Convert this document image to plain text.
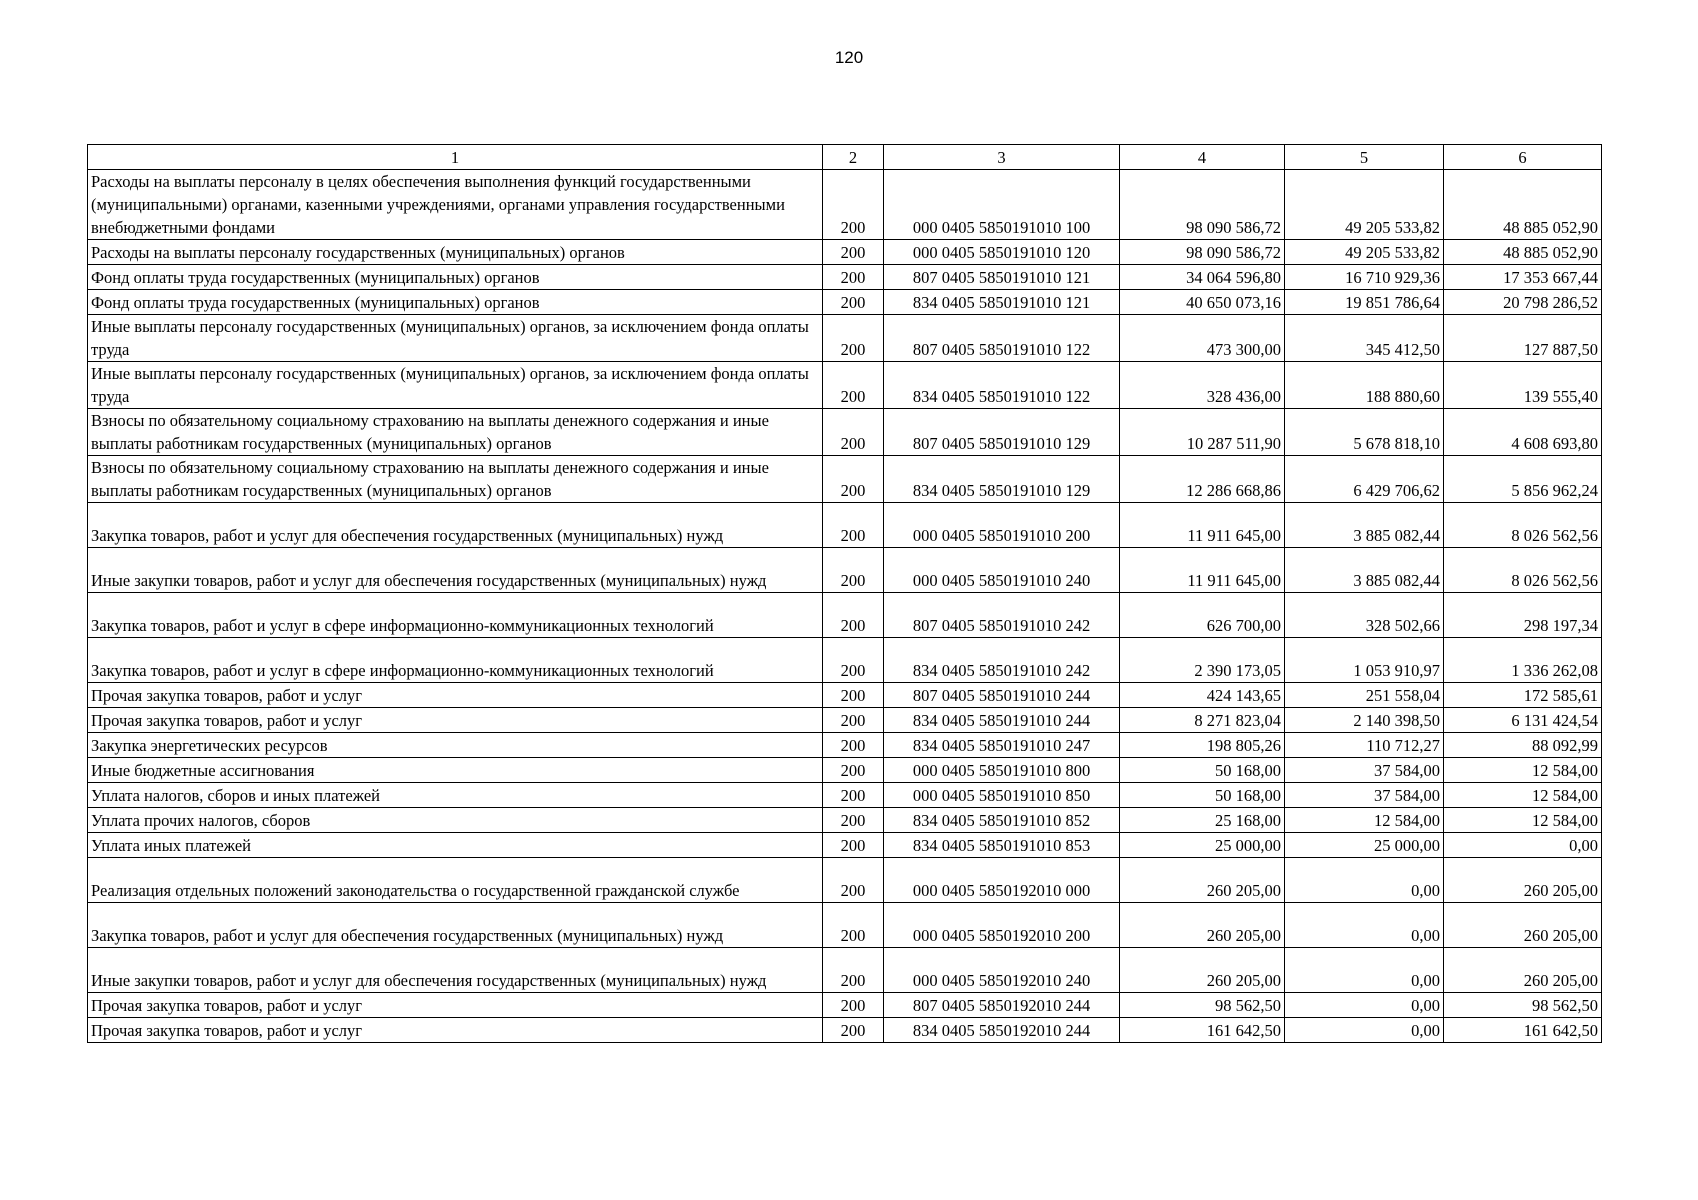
120
1	2	3	4	5	6
Расходы на выплаты персоналу в целях обеспечения выполнения функций государственными (муниципальными) органами, казенными учреждениями, органами управления государственными внебюджетными фондами	200	000 0405 5850191010 100	98 090 586,72	49 205 533,82	48 885 052,90
Расходы на выплаты персоналу государственных (муниципальных) органов	200	000 0405 5850191010 120	98 090 586,72	49 205 533,82	48 885 052,90
Фонд оплаты труда государственных (муниципальных) органов	200	807 0405 5850191010 121	34 064 596,80	16 710 929,36	17 353 667,44
Фонд оплаты труда государственных (муниципальных) органов	200	834 0405 5850191010 121	40 650 073,16	19 851 786,64	20 798 286,52
Иные выплаты персоналу государственных (муниципальных) органов, за исключением фонда оплаты труда	200	807 0405 5850191010 122	473 300,00	345 412,50	127 887,50
Иные выплаты персоналу государственных (муниципальных) органов, за исключением фонда оплаты труда	200	834 0405 5850191010 122	328 436,00	188 880,60	139 555,40
Взносы по обязательному социальному страхованию на выплаты денежного содержания и иные выплаты работникам государственных (муниципальных) органов	200	807 0405 5850191010 129	10 287 511,90	5 678 818,10	4 608 693,80
Взносы по обязательному социальному страхованию на выплаты денежного содержания и иные выплаты работникам государственных (муниципальных) органов	200	834 0405 5850191010 129	12 286 668,86	6 429 706,62	5 856 962,24
Закупка товаров, работ и услуг для обеспечения государственных (муниципальных) нужд	200	000 0405 5850191010 200	11 911 645,00	3 885 082,44	8 026 562,56
Иные закупки товаров, работ и услуг для обеспечения государственных (муниципальных) нужд	200	000 0405 5850191010 240	11 911 645,00	3 885 082,44	8 026 562,56
Закупка товаров, работ и услуг в сфере информационно-коммуникационных технологий	200	807 0405 5850191010 242	626 700,00	328 502,66	298 197,34
Закупка товаров, работ и услуг в сфере информационно-коммуникационных технологий	200	834 0405 5850191010 242	2 390 173,05	1 053 910,97	1 336 262,08
Прочая закупка товаров, работ и услуг	200	807 0405 5850191010 244	424 143,65	251 558,04	172 585,61
Прочая закупка товаров, работ и услуг	200	834 0405 5850191010 244	8 271 823,04	2 140 398,50	6 131 424,54
Закупка энергетических ресурсов	200	834 0405 5850191010 247	198 805,26	110 712,27	88 092,99
Иные бюджетные ассигнования	200	000 0405 5850191010 800	50 168,00	37 584,00	12 584,00
Уплата налогов, сборов и иных платежей	200	000 0405 5850191010 850	50 168,00	37 584,00	12 584,00
Уплата прочих налогов, сборов	200	834 0405 5850191010 852	25 168,00	12 584,00	12 584,00
Уплата иных платежей	200	834 0405 5850191010 853	25 000,00	25 000,00	0,00
Реализация отдельных положений законодательства о государственной гражданской службе	200	000 0405 5850192010 000	260 205,00	0,00	260 205,00
Закупка товаров, работ и услуг для обеспечения государственных (муниципальных) нужд	200	000 0405 5850192010 200	260 205,00	0,00	260 205,00
Иные закупки товаров, работ и услуг для обеспечения государственных (муниципальных) нужд	200	000 0405 5850192010 240	260 205,00	0,00	260 205,00
Прочая закупка товаров, работ и услуг	200	807 0405 5850192010 244	98 562,50	0,00	98 562,50
Прочая закупка товаров, работ и услуг	200	834 0405 5850192010 244	161 642,50	0,00	161 642,50
